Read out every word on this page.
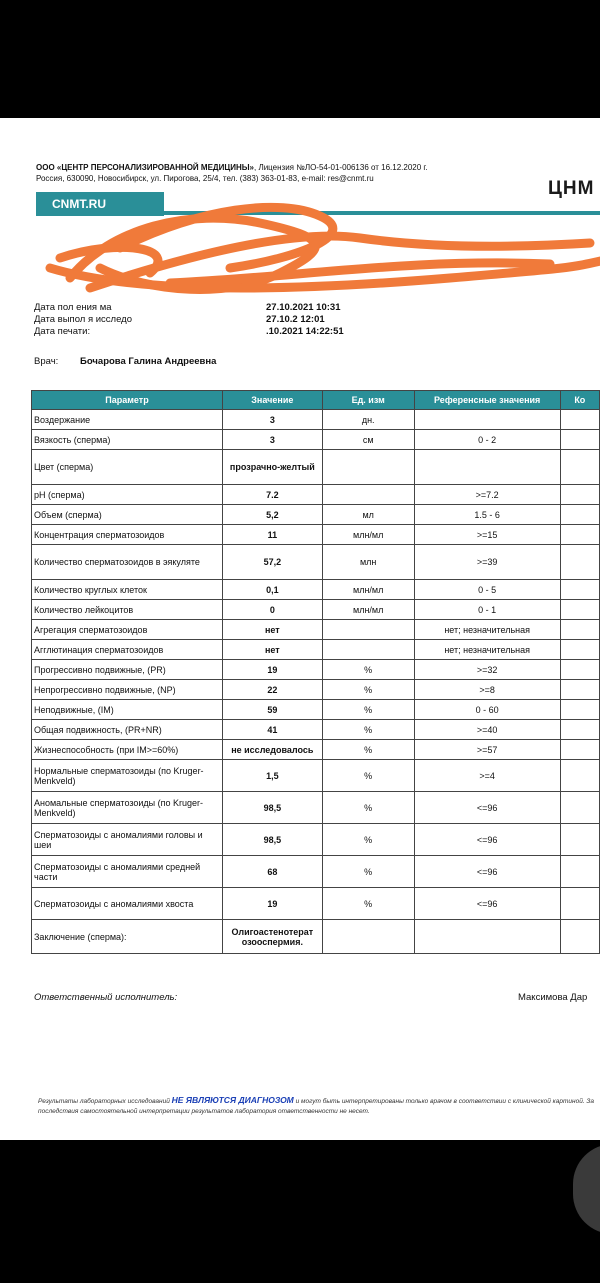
ООО «ЦЕНТР ПЕРСОНАЛИЗИРОВАННОЙ МЕДИЦИНЫ», Лицензия №ЛО-54-01-006136 от 16.12.2020 г.
Россия, 630090, Новосибирск, ул. Пирогова, 25/4, тел. (383) 363-01-83, e-mail: res@cnmt.ru
CNMT.RU
ЦНМ
Дата пол ения ма	27.10.2021 10:31
Дата выпол я исследо	27.10.2 12:01
Дата печати:	.10.2021 14:22:51
Врач: Бочарова Галина Андреевна
Параметр	Значение	Ед. изм	Референсные значения	Ко
Воздержание	3	дн.		
Вязкость (сперма)	3	см	0 - 2	
Цвет (сперма)	прозрачно-желтый			
pH (сперма)	7.2		>=7.2	
Объем (сперма)	5,2	мл	1.5 - 6	
Концентрация сперматозоидов	11	млн/мл	>=15	
Количество сперматозоидов в эякуляте	57,2	млн	>=39	
Количество круглых клеток	0,1	млн/мл	0 - 5	
Количество лейкоцитов	0	млн/мл	0 - 1	
Агрегация сперматозоидов	нет		нет; незначительная	
Агглютинация сперматозоидов	нет		нет; незначительная	
Прогрессивно подвижные, (PR)	19	%	>=32	
Непрогрессивно подвижные, (NP)	22	%	>=8	
Неподвижные, (IM)	59	%	0 - 60	
Общая подвижность, (PR+NR)	41	%	>=40	
Жизнеспособность (при IM>=60%)	не исследовалось	%	>=57	
Нормальные сперматозоиды (по Kruger-Menkveld)	1,5	%	>=4	
Аномальные сперматозоиды (по Kruger-Menkveld)	98,5	%	<=96	
Сперматозоиды с аномалиями головы и шеи	98,5	%	<=96	
Сперматозоиды с аномалиями средней части	68	%	<=96	
Сперматозоиды с аномалиями хвоста	19	%	<=96	
Заключение (сперма):	Олигоастенотерат озооспермия.			
Ответственный исполнитель:	Максимова Дар
Результаты лабораторных исследований НЕ ЯВЛЯЮТСЯ ДИАГНОЗОМ и могут быть интерпретированы только врачом в соответствии с клинической картиной. За последствия самостоятельной интерпретации результатов лаборатория ответственности не несет.
